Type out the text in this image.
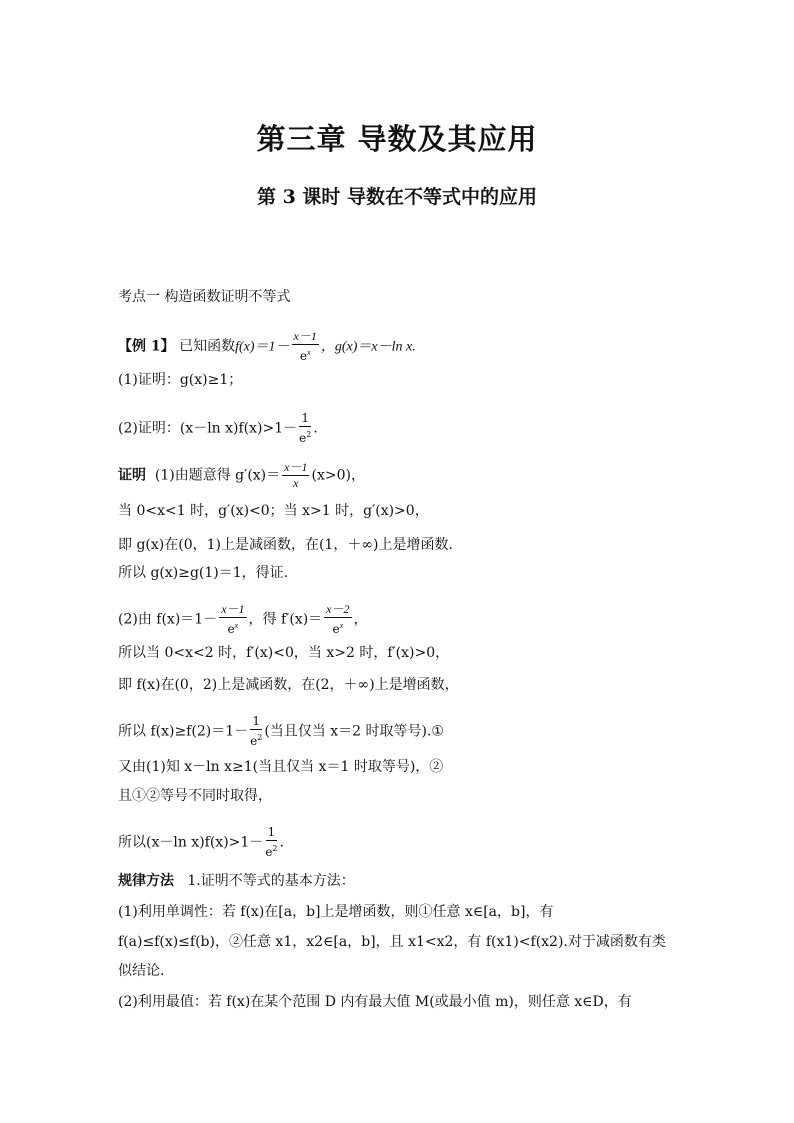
第三章 导数及其应用
第 3 课时 导数在不等式中的应用
考点一 构造函数证明不等式
【例 1】 已知函数$f(x)=1- \frac{x-1}{e^x}$ ，g(x)＝x－ln x.
(1)证明：g(x)≥1；
(2)证明：(x－ln $x)f(x)>1- \frac{1}{e^2}$ .
证明 (1)由题意得 $g'(x)= \frac{x-1}{x} (x>0)$，
当 0<x<1 时，g′(x)<0；当 x>1 时，g′(x)>0，
即 g(x)在(0，1)上是减函数，在(1，＋∞)上是增函数.
所以 g(x)≥g(1)＝1，得证.
(2)由 $f(x)=1- \frac{x-1}{e^x}$ ，得 $f'(x)= \frac{x-2}{e^x}$ ，
所以当 0<x<2 时，f′(x)<0，当 x>2 时，f′(x)>0，
即 f(x)在(0，2)上是减函数，在(2，＋∞)上是增函数，
所以 $f(x)\ge f(2)=1- \frac{1}{e^2}$ (当且仅当 x＝2 时取等号).①
又由(1)知 x－ln x≥1(当且仅当 x＝1 时取等号)，②
且①②等号不同时取得，
所以(x－ln $x)f(x)>1- \frac{1}{e^2}$ .
规律方法 1.证明不等式的基本方法：
(1)利用单调性：若 f(x)在[a，b]上是增函数，则①任意 x∈[a，b]，有
f(a)≤f(x)≤f(b)，②任意 x1，x2∈[a，b]，且 x1<x2，有 f(x1)<f(x2).对于减函数有类
似结论.
(2)利用最值：若 f(x)在某个范围 D 内有最大值 M(或最小值 m)，则任意 x∈D，有
